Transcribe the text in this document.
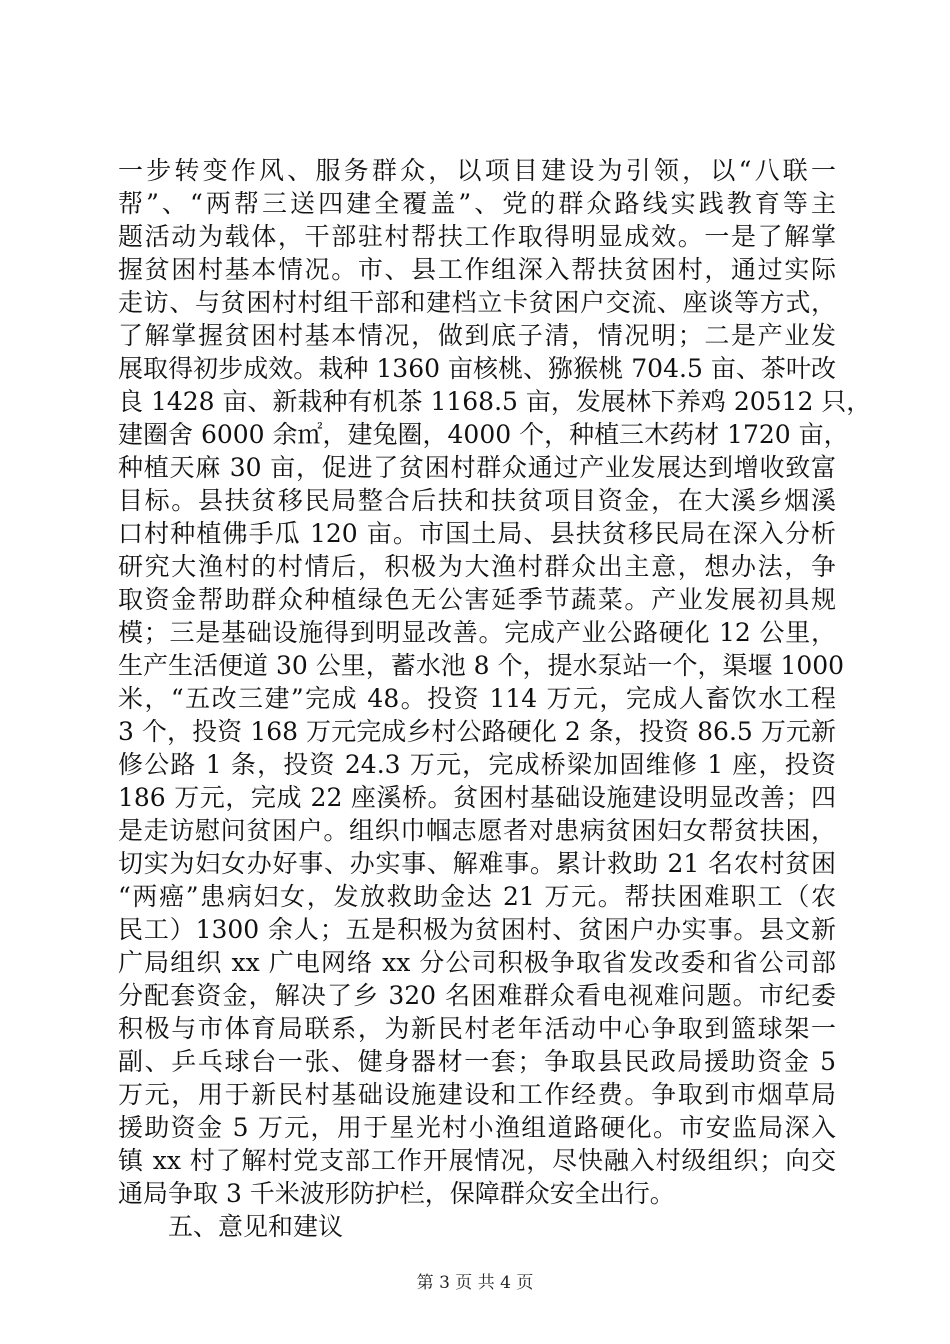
一步转变作风、服务群众，以项目建设为引领，以“八联一
帮”、“两帮三送四建全覆盖”、党的群众路线实践教育等主
题活动为载体，干部驻村帮扶工作取得明显成效。一是了解掌
握贫困村基本情况。市、县工作组深入帮扶贫困村，通过实际
走访、与贫困村村组干部和建档立卡贫困户交流、座谈等方式，
了解掌握贫困村基本情况，做到底子清，情况明；二是产业发
展取得初步成效。栽种 1360 亩核桃、猕猴桃 704.5 亩、茶叶改
良 1428 亩、新栽种有机茶 1168.5 亩，发展林下养鸡 20512 只，
建圈舍 6000 余㎡，建兔圈，4000 个，种植三木药材 1720 亩，
种植天麻 30 亩，促进了贫困村群众通过产业发展达到增收致富
目标。县扶贫移民局整合后扶和扶贫项目资金，在大溪乡烟溪
口村种植佛手瓜 120 亩。市国土局、县扶贫移民局在深入分析
研究大渔村的村情后，积极为大渔村群众出主意，想办法，争
取资金帮助群众种植绿色无公害延季节蔬菜。产业发展初具规
模；三是基础设施得到明显改善。完成产业公路硬化 12 公里，
生产生活便道 30 公里，蓄水池 8 个，提水泵站一个，渠堰 1000
米，“五改三建”完成 48。投资 114 万元，完成人畜饮水工程
3 个，投资 168 万元完成乡村公路硬化 2 条，投资 86.5 万元新
修公路 1 条，投资 24.3 万元，完成桥梁加固维修 1 座，投资
186 万元，完成 22 座溪桥。贫困村基础设施建设明显改善；四
是走访慰问贫困户。组织巾帼志愿者对患病贫困妇女帮贫扶困，
切实为妇女办好事、办实事、解难事。累计救助 21 名农村贫困
“两癌”患病妇女，发放救助金达 21 万元。帮扶困难职工（农
民工）1300 余人；五是积极为贫困村、贫困户办实事。县文新
广局组织 xx 广电网络 xx 分公司积极争取省发改委和省公司部
分配套资金，解决了乡 320 名困难群众看电视难问题。市纪委
积极与市体育局联系，为新民村老年活动中心争取到篮球架一
副、乒乓球台一张、健身器材一套；争取县民政局援助资金 5
万元，用于新民村基础设施建设和工作经费。争取到市烟草局
援助资金 5 万元，用于星光村小渔组道路硬化。市安监局深入
镇 xx 村了解村党支部工作开展情况，尽快融入村级组织；向交
通局争取 3 千米波形防护栏，保障群众安全出行。
五、意见和建议
第 3 页 共 4 页
